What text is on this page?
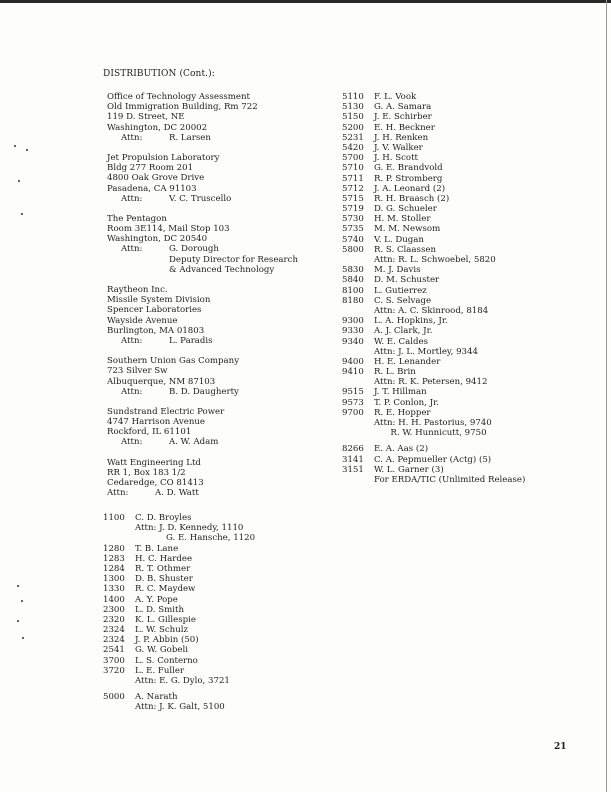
DISTRIBUTION (Cont.):
Office of Technology Assessment
Old Immigration Building, Rm 722
119 D. Street, NE
Washington, DC 20002
Attn:	R. Larsen
Jet Propulsion Laboratory
Bldg 277 Room 201
4800 Oak Grove Drive
Pasadena, CA 91103
Attn:	V. C. Truscello
The Pentagon
Room 3E114, Mail Stop 103
Washington, DC 20540
Attn:	G. Dorough
Deputy Director for Research
& Advanced Technology
Raytheon Inc.
Missile System Division
Spencer Laboratories
Wayside Avenue
Burlington, MA 01803
Attn:	L. Paradis
Southern Union Gas Company
723 Silver Sw
Albuquerque, NM 87103
Attn:	B. D. Daugherty
Sundstrand Electric Power
4747 Harrison Avenue
Rockford, IL 61101
Attn:	A. W. Adam
Watt Engineering Ltd
RR 1, Box 183 1/2
Cedaredge, CO 81413
Attn:	A. D. Watt
1100 C. D. Broyles
Attn: J. D. Kennedy, 1110
G. E. Hansche, 1120
1280 T. B. Lane
1283 H. C. Hardee
1284 R. T. Othmer
1300 D. B. Shuster
1330 R. C. Maydew
1400 A. Y. Pope
2300 L. D. Smith
2320 K. L. Gillespie
2324 L. W. Schulz
2324 J. P. Abbin (50)
2541 G. W. Gobeli
3700 L. S. Conterno
3720 L. E. Fuller
Attn: E. G. Dylo, 3721
5000 A. Narath
Attn: J. K. Galt, 5100
5110 F. L. Vook
5130 G. A. Samara
5150 J. E. Schirber
5200 E. H. Beckner
5231 J. H. Renken
5420 J. V. Walker
5700 J. H. Scott
5710 G. E. Brandvold
5711 R. P. Stromberg
5712 J. A. Leonard (2)
5715 R. H. Braasch (2)
5719 D. G. Schueler
5730 H. M. Stoller
5735 M. M. Newsom
5740 V. L. Dugan
5800 R. S. Claassen
Attn: R. L. Schwoebel, 5820
5830 M. J. Davis
5840 D. M. Schuster
8100 L. Gutierrez
8180 C. S. Selvage
Attn: A. C. Skinrood, 8184
9300 L. A. Hopkins, Jr.
9330 A. J. Clark, Jr.
9340 W. E. Caldes
Attn: J. L. Mortley, 9344
9400 H. E. Lenander
9410 R. L. Brin
Attn: R. K. Petersen, 9412
9515 J. T. Hillman
9573 T. P. Conlon, Jr.
9700 R. E. Hopper
Attn: H. H. Pastorius, 9740
R. W. Hunnicutt, 9750
8266 E. A. Aas (2)
3141 C. A. Pepmueller (Actg) (5)
3151 W. L. Garner (3)
For ERDA/TIC (Unlimited Release)
21
